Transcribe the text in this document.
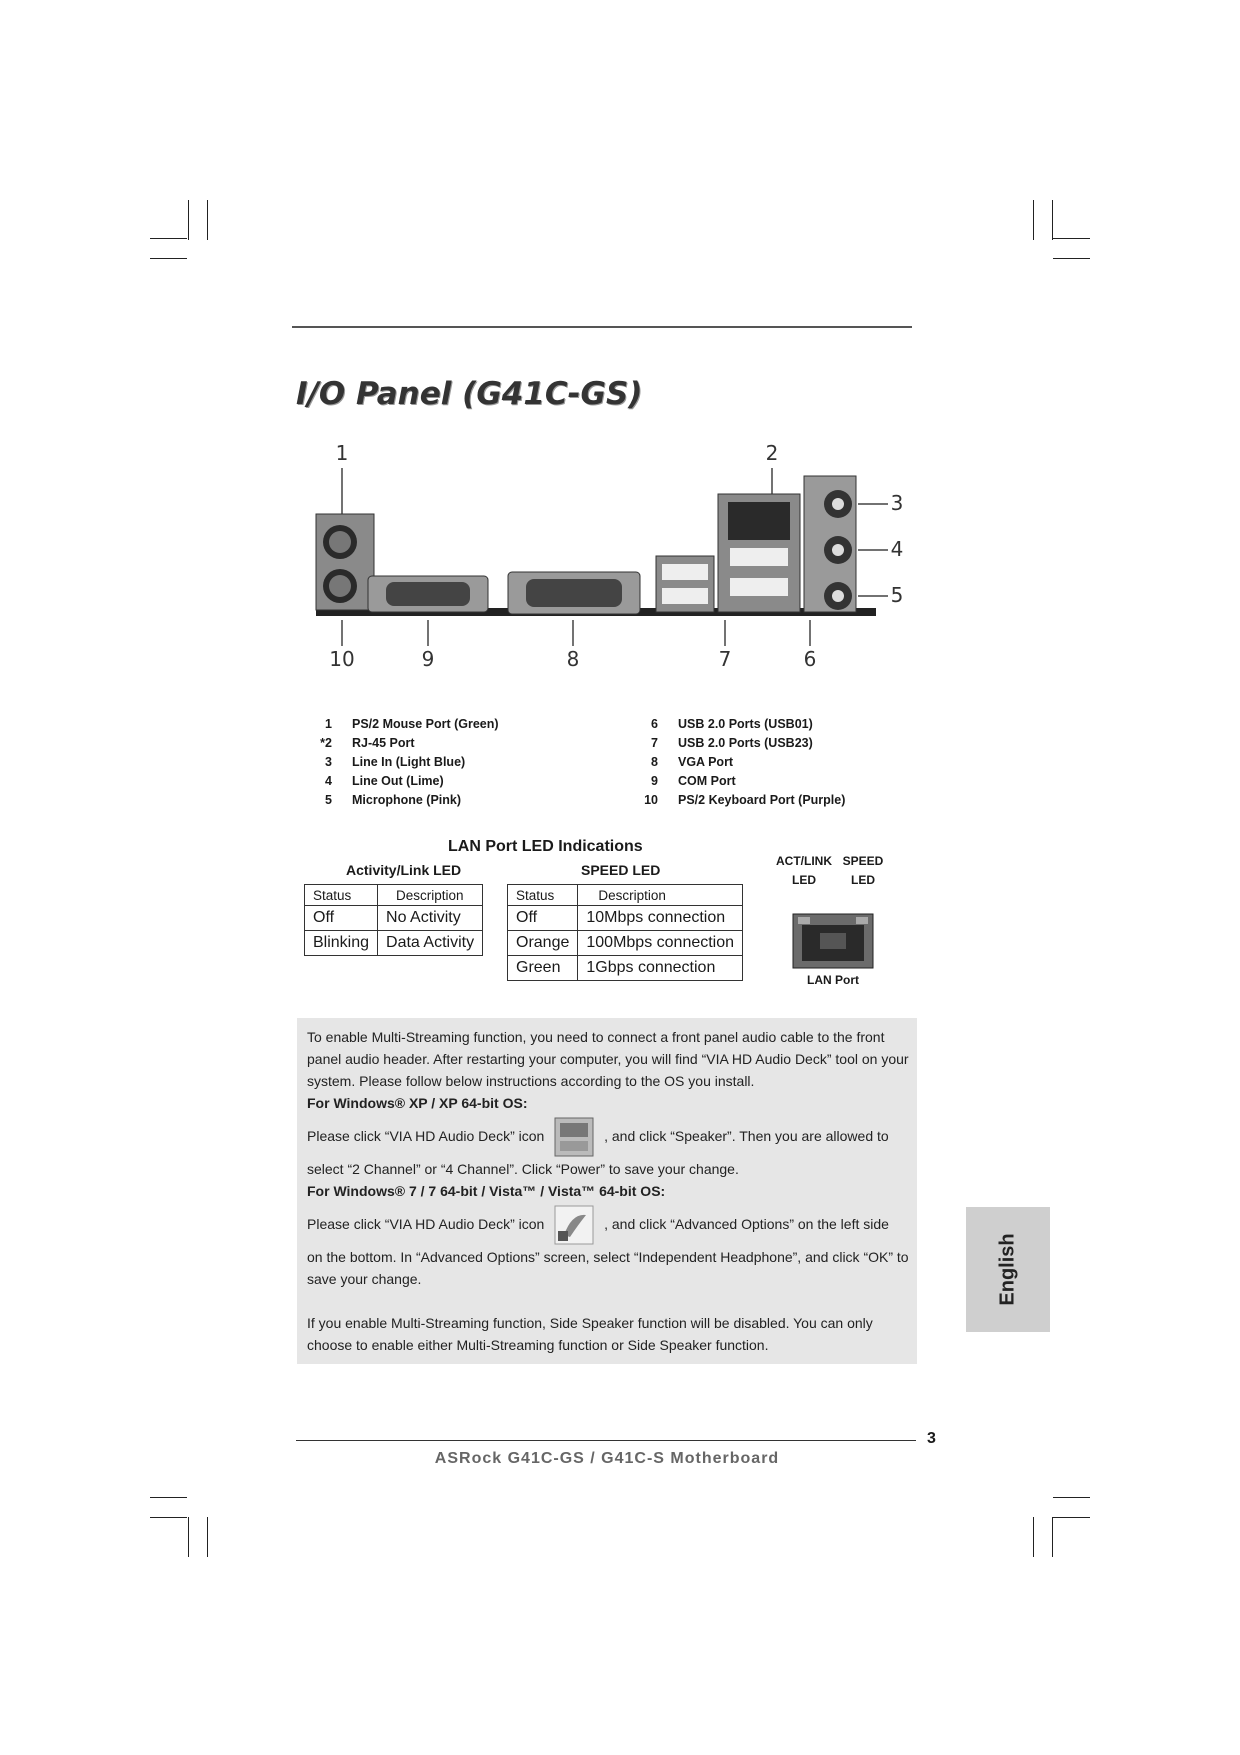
I/O Panel (G41C-GS)
1	2
3
4
5
10	9	8	7	6
1 PS/2 Mouse Port (Green)
*2 RJ-45 Port
3 Line In (Light Blue)
4 Line Out (Lime)
5 Microphone (Pink)
6 USB 2.0 Ports (USB01)
7 USB 2.0 Ports (USB23)
8 VGA Port
9 COM Port
10 PS/2 Keyboard Port (Purple)
LAN Port LED Indications
Activity/Link LED	SPEED LED
Status	Description
Off	No Activity
Blinking	Data Activity
Status	Description
Off	10Mbps connection
Orange	100Mbps connection
Green	1Gbps connection
ACT/LINK
LED
SPEED
LED
LAN Port

To enable Multi-Streaming function, you need to connect a front panel audio cable to the front panel audio header. After restarting your computer, you will find “VIA HD Audio Deck” tool on your system. Please follow below instructions according to the OS you install.

For Windows® XP / XP 64-bit OS:

Please click “VIA HD Audio Deck” icon	, and click “Speaker”. Then you are allowed to

select “2 Channel” or “4 Channel”. Click “Power” to save your change.

For Windows® 7 / 7 64-bit / Vista™ / Vista™ 64-bit OS:

Please click “VIA HD Audio Deck” icon	, and click “Advanced Options” on the left side

on the bottom. In “Advanced Options” screen, select “Independent Headphone”, and click “OK” to save your change.

If you enable Multi-Streaming function, Side Speaker function will be disabled. You can only choose to enable either Multi-Streaming function or Side Speaker function.

English
3
ASRock G41C-GS / G41C-S Motherboard
